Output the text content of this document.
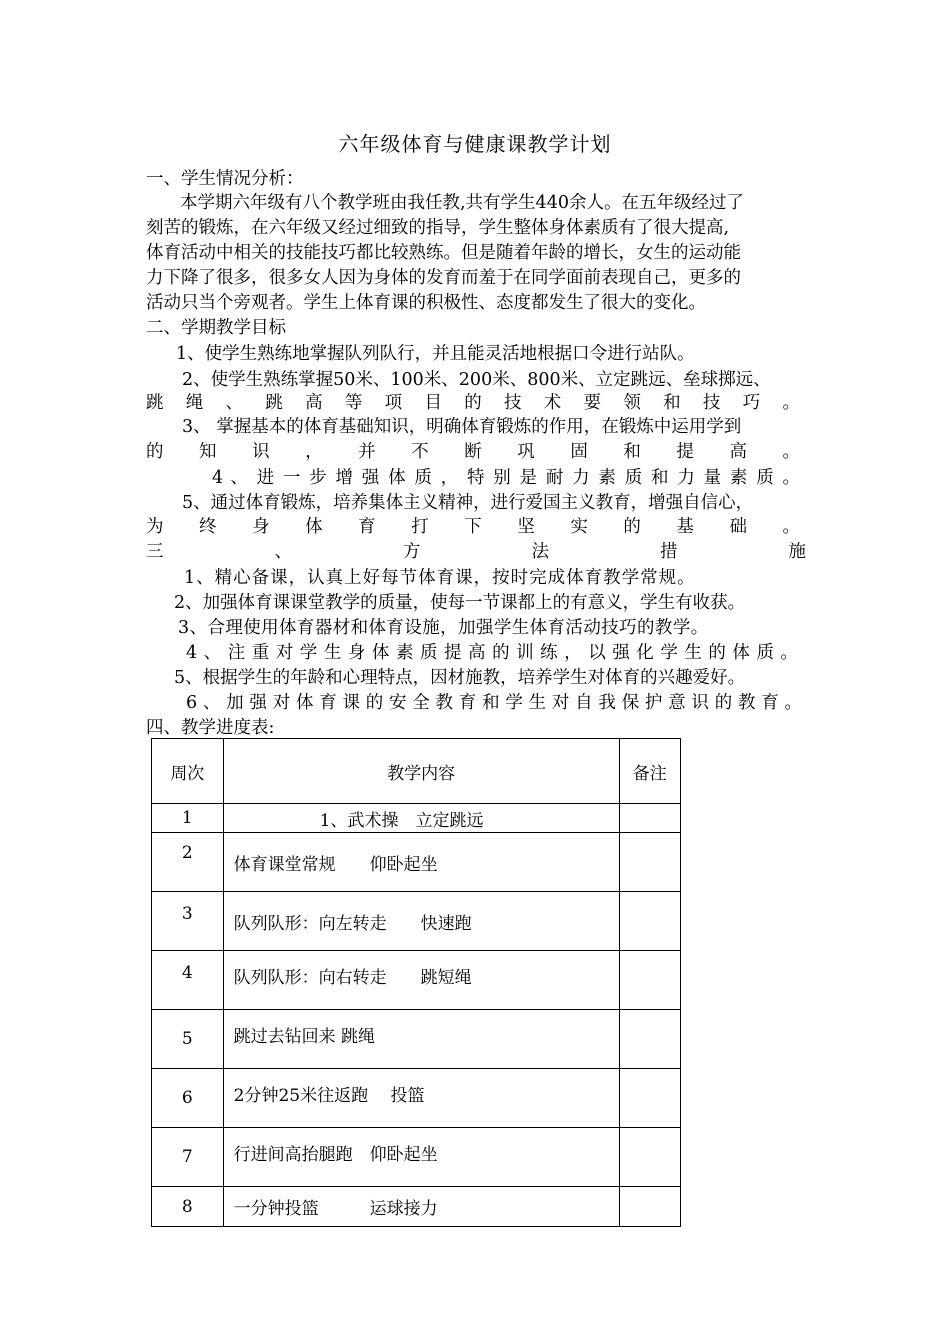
六年级体育与健康课教学计划
一、学生情况分析：
本学期六年级有八个教学班由我任教,共有学生440余人。在五年级经过了
刻苦的锻炼，在六年级又经过细致的指导，学生整体身体素质有了很大提高,
体育活动中相关的技能技巧都比较熟练。但是随着年龄的增长，女生的运动能
力下降了很多，很多女人因为身体的发育而羞于在同学面前表现自己，更多的
活动只当个旁观者。学生上体育课的积极性、态度都发生了很大的变化。
二、学期教学目标
1、使学生熟练地掌握队列队行，并且能灵活地根据口令进行站队。
2、使学生熟练掌握50米、100米、200米、800米、立定跳远、垒球掷远、
跳 绳 、 跳 高 等 项 目 的 技 术 要 领 和 技 巧 。
3、 掌握基本的体育基础知识，明确体育锻炼的作用，在锻炼中运用学到
的 知 识 ， 并 不 断 巩 固 和 提 高 。
4 、 进 一 步 增 强 体 质 ， 特 别 是 耐 力 素 质 和 力 量 素 质 。
5、通过体育锻炼，培养集体主义精神，进行爱国主义教育，增强自信心，
为 终 身 体 育 打 下 坚 实 的 基 础 。
三 、 方 法 措 施
1、精心备课，认真上好每节体育课，按时完成体育教学常规。
2、加强体育课课堂教学的质量，使每一节课都上的有意义，学生有收获。
3、合理使用体育器材和体育设施，加强学生体育活动技巧的教学。
4、注重对学生身体素质提高的训练，以强化学生的体质。
5、根据学生的年龄和心理特点，因材施教，培养学生对体育的兴趣爱好。
6、加强对体育课的安全教育和学生对自我保护意识的教育。
四、教学进度表:
周次	教学内容	备注
1	1、武术操　立定跳远	
2	体育课堂常规　　仰卧起坐	
3	队列队形：向左转走　　快速跑	
4	队列队形：向右转走　　跳短绳	
5	跳过去钻回来 跳绳	
6	2分钟25米往返跑　 投篮	
7	行进间高抬腿跑　仰卧起坐	
8	一分钟投篮　　　运球接力	
